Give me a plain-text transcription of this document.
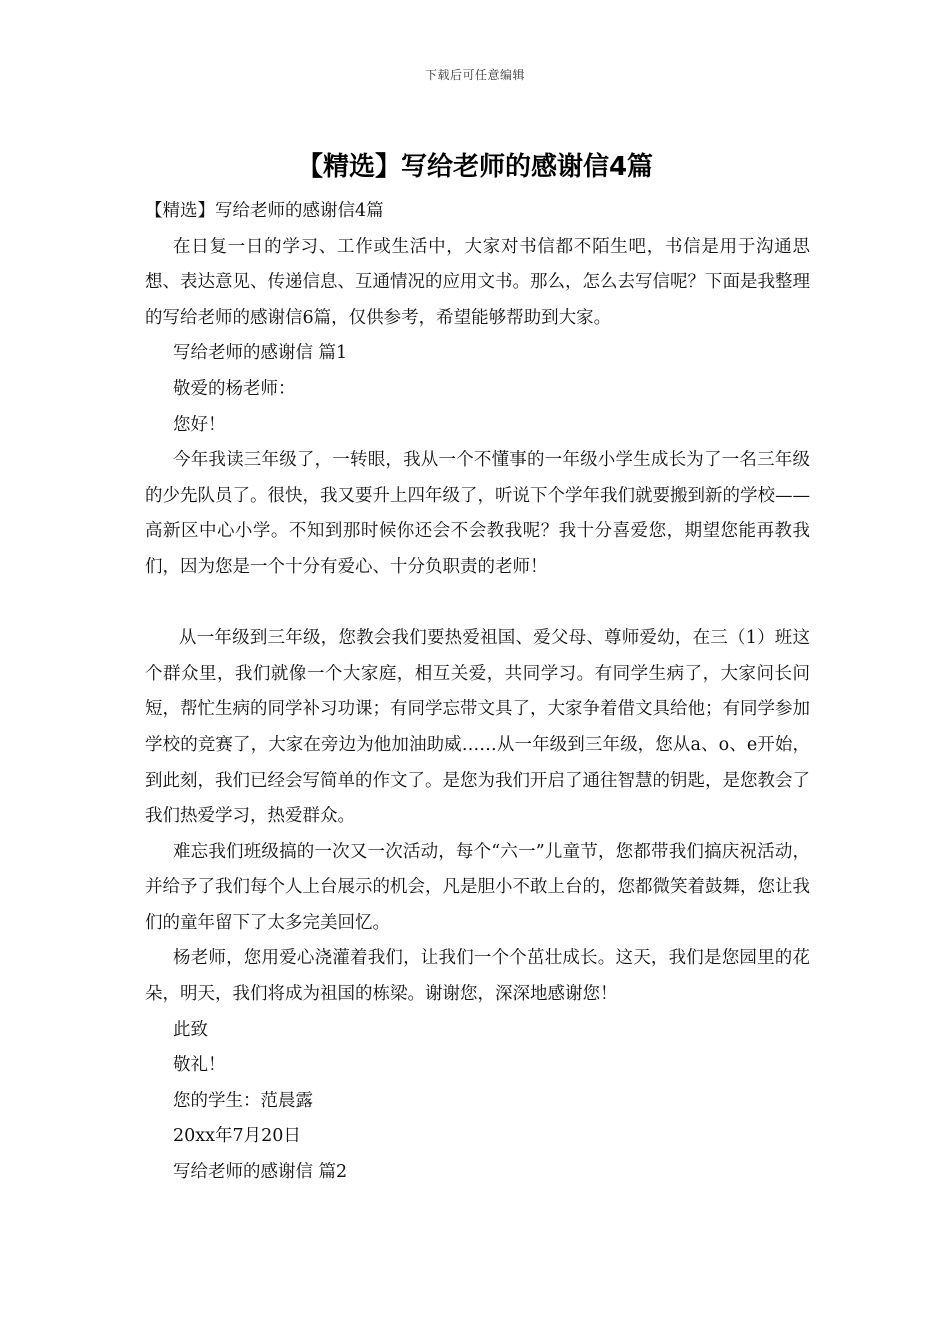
下载后可任意编辑
【精选】写给老师的感谢信4篇

【精选】写给老师的感谢信4篇

在日复一日的学习、工作或生活中，大家对书信都不陌生吧，书信是用于沟通思想、表达意见、传递信息、互通情况的应用文书。那么，怎么去写信呢？下面是我整理的写给老师的感谢信6篇，仅供参考，希望能够帮助到大家。

写给老师的感谢信 篇1

敬爱的杨老师：

您好！

今年我读三年级了，一转眼，我从一个不懂事的一年级小学生成长为了一名三年级的少先队员了。很快，我又要升上四年级了，听说下个学年我们就要搬到新的学校——高新区中心小学。不知到那时候你还会不会教我呢？我十分喜爱您，期望您能再教我们，因为您是一个十分有爱心、十分负职责的老师！

从一年级到三年级，您教会我们要热爱祖国、爱父母、尊师爱幼，在三（1）班这个群众里，我们就像一个大家庭，相互关爱，共同学习。有同学生病了，大家问长问短，帮忙生病的同学补习功课；有同学忘带文具了，大家争着借文具给他；有同学参加学校的竞赛了，大家在旁边为他加油助威……从一年级到三年级，您从a、o、e开始，到此刻，我们已经会写简单的作文了。是您为我们开启了通往智慧的钥匙，是您教会了我们热爱学习，热爱群众。

难忘我们班级搞的一次又一次活动，每个“六一”儿童节，您都带我们搞庆祝活动，并给予了我们每个人上台展示的机会，凡是胆小不敢上台的，您都微笑着鼓舞，您让我们的童年留下了太多完美回忆。

杨老师，您用爱心浇灌着我们，让我们一个个茁壮成长。这天，我们是您园里的花朵，明天，我们将成为祖国的栋梁。谢谢您，深深地感谢您！

此致

敬礼！

您的学生：范晨露

20xx年7月20日

写给老师的感谢信 篇2
